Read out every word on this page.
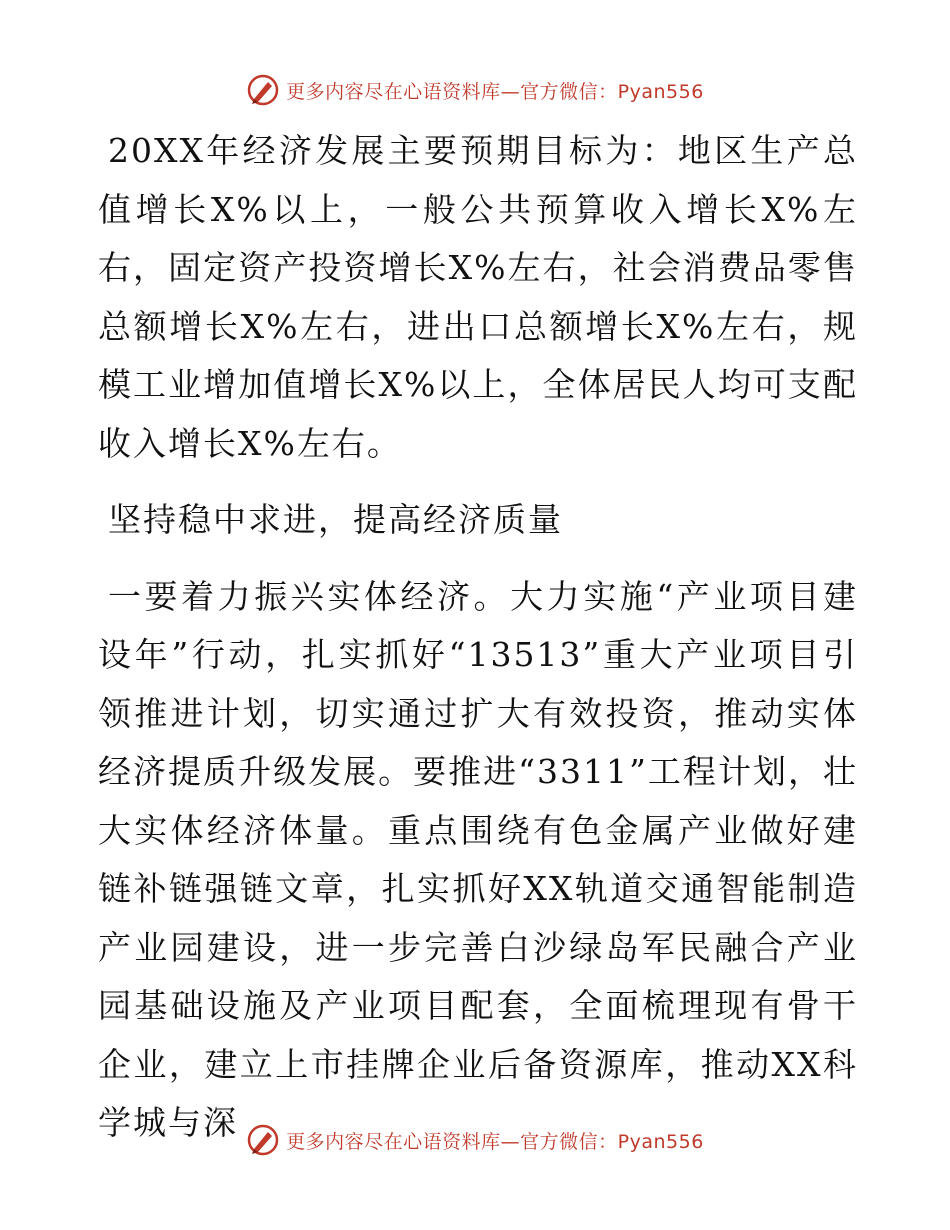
更多内容尽在心语资料库—官方微信：Pyan556

20XX年经济发展主要预期目标为：地区生产总值增长X%以上，一般公共预算收入增长X%左右，固定资产投资增长X%左右，社会消费品零售总额增长X%左右，进出口总额增长X%左右，规模工业增加值增长X%以上，全体居民人均可支配收入增长X%左右。

坚持稳中求进，提高经济质量

一要着力振兴实体经济。大力实施“产业项目建设年”行动，扎实抓好“13513”重大产业项目引领推进计划，切实通过扩大有效投资，推动实体经济提质升级发展。要推进“3311”工程计划，壮大实体经济体量。重点围绕有色金属产业做好建链补链强链文章，扎实抓好XX轨道交通智能制造产业园建设，进一步完善白沙绿岛军民融合产业园基础设施及产业项目配套，全面梳理现有骨干企业，建立上市挂牌企业后备资源库，推动XX科学城与深	更多内容尽在心语资料库—官方微信：Pyan556
